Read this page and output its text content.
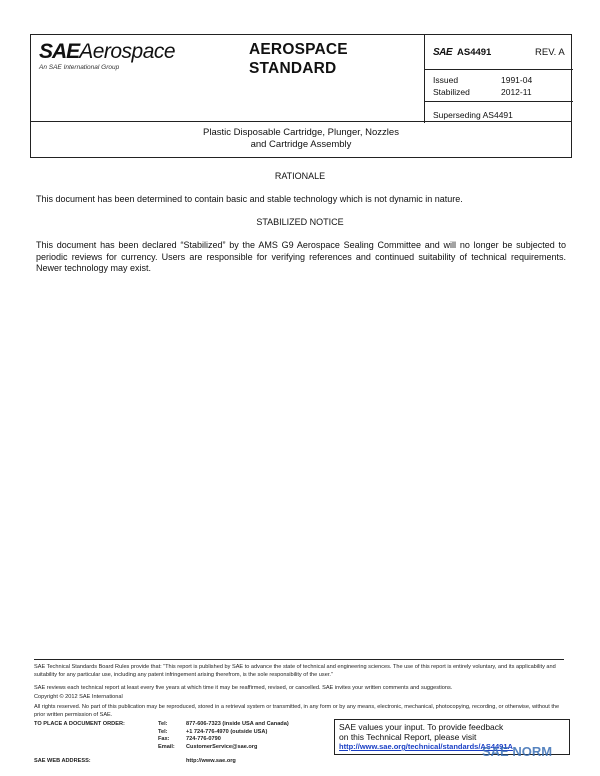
SAEAerospace
An SAE International Group
AEROSPACE
STANDARD
SAE AS4491	REV. A
Issued	1991-04
Stabilized	2012-11
Superseding AS4491
Plastic Disposable Cartridge, Plunger, Nozzles
and Cartridge Assembly
RATIONALE
This document has been determined to contain basic and stable technology which is not dynamic in nature.
STABILIZED NOTICE
This document has been declared “Stabilized” by the AMS G9 Aerospace Sealing Committee and will no longer be subjected to periodic reviews for currency. Users are responsible for verifying references and continued suitability of technical requirements. Newer technology may exist.
SAE Technical Standards Board Rules provide that: “This report is published by SAE to advance the state of technical and engineering sciences. The use of this report is entirely voluntary, and its applicability and suitability for any particular use, including any patent infringement arising therefrom, is the sole responsibility of the user.”
SAE reviews each technical report at least every five years at which time it may be reaffirmed, revised, or cancelled. SAE invites your written comments and suggestions.
Copyright © 2012 SAE International
All rights reserved. No part of this publication may be reproduced, stored in a retrieval system or transmitted, in any form or by any means, electronic, mechanical, photocopying, recording, or otherwise, without the prior written permission of SAE.
TO PLACE A DOCUMENT ORDER:	Tel:	877-606-7323 (inside USA and Canada)
Tel:	+1 724-776-4970 (outside USA)
Fax:	724-776-0790
Email: CustomerService@sae.org
SAE WEB ADDRESS:	http://www.sae.org
SAE values your input. To provide feedback
on this Technical Report, please visit
http://www.sae.org/technical/standards/AS4491A
SAE NORM
